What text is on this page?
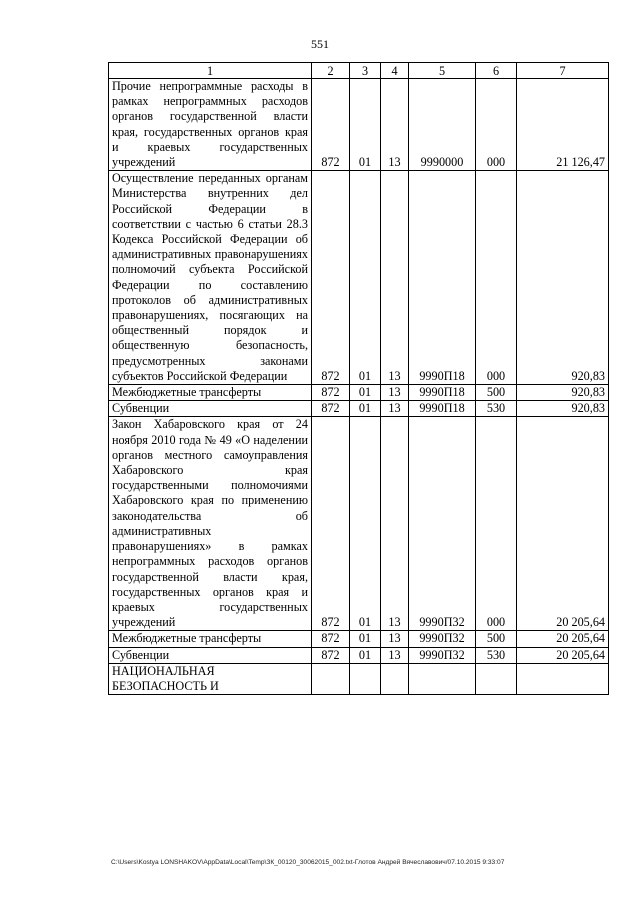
551
1	2	3	4	5	6	7
Прочие непрограммные расходы в рамках непрограммных расходов органов государственной власти края, государственных органов края и краевых государственных учреждений	872	01	13	9990000	000	21 126,47
Осуществление переданных органам Министерства внутренних дел Российской Федерации в соответствии с частью 6 статьи 28.3 Кодекса Российской Федерации об административных правонарушениях полномочий субъекта Российской Федерации по составлению протоколов об административных правонарушениях, посягающих на общественный порядок и общественную безопасность, предусмотренных законами субъектов Российской Федерации	872	01	13	9990П18	000	920,83
Межбюджетные трансферты	872	01	13	9990П18	500	920,83
Субвенции	872	01	13	9990П18	530	920,83
Закон Хабаровского края от 24 ноября 2010 года № 49 «О наделении органов местного самоуправления Хабаровского края государственными полномочиями Хабаровского края по применению законодательства об административных правонарушениях» в рамках непрограммных расходов органов государственной власти края, государственных органов края и краевых государственных учреждений	872	01	13	9990П32	000	20 205,64
Межбюджетные трансферты	872	01	13	9990П32	500	20 205,64
Субвенции	872	01	13	9990П32	530	20 205,64
НАЦИОНАЛЬНАЯ БЕЗОПАСНОСТЬ И						
C:\Users\Kostya LONSHAKOV\AppData\Local\Temp\ЗК_00120_30062015_002.txt-Глотов Андрей Вячеславович/07.10.2015 9:33:07
